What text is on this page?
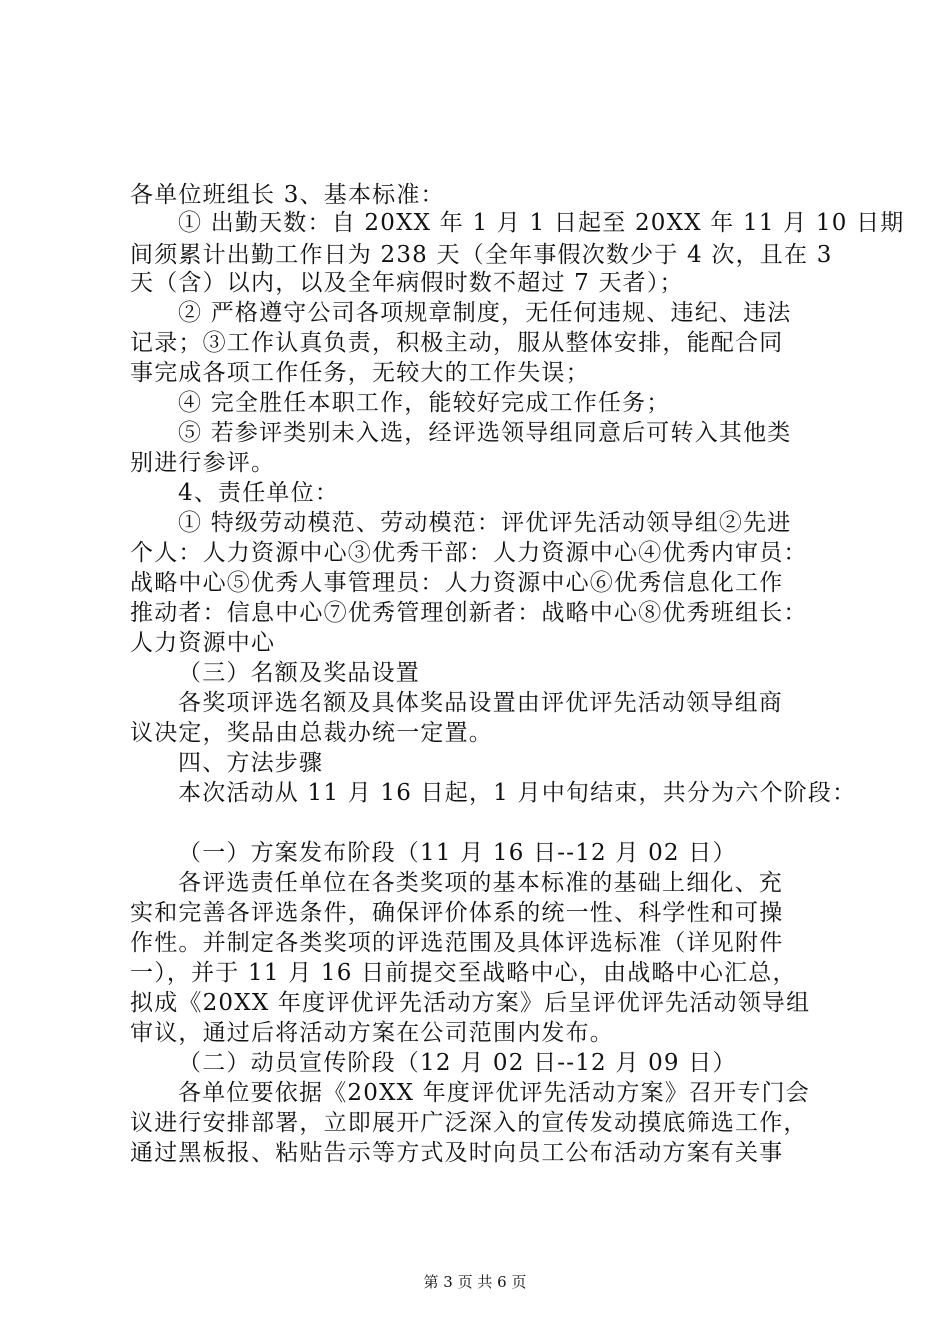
各单位班组长 3、基本标准：
① 出勤天数：自 20XX 年 1 月 1 日起至 20XX 年 11 月 10 日期
间须累计出勤工作日为 238 天（全年事假次数少于 4 次，且在 3
天（含）以内，以及全年病假时数不超过 7 天者）；
② 严格遵守公司各项规章制度，无任何违规、违纪、违法
记录；③工作认真负责，积极主动，服从整体安排，能配合同
事完成各项工作任务，无较大的工作失误；
④ 完全胜任本职工作，能较好完成工作任务；
⑤ 若参评类别未入选，经评选领导组同意后可转入其他类
别进行参评。
4、责任单位：
① 特级劳动模范、劳动模范：评优评先活动领导组②先进
个人：人力资源中心③优秀干部：人力资源中心④优秀内审员：
战略中心⑤优秀人事管理员：人力资源中心⑥优秀信息化工作
推动者：信息中心⑦优秀管理创新者：战略中心⑧优秀班组长：
人力资源中心
（三）名额及奖品设置
各奖项评选名额及具体奖品设置由评优评先活动领导组商
议决定，奖品由总裁办统一定置。
四、方法步骤
本次活动从 11 月 16 日起，1 月中旬结束，共分为六个阶段：
（一）方案发布阶段（11 月 16 日--12 月 02 日）
各评选责任单位在各类奖项的基本标准的基础上细化、充
实和完善各评选条件，确保评价体系的统一性、科学性和可操
作性。并制定各类奖项的评选范围及具体评选标准（详见附件
一），并于 11 月 16 日前提交至战略中心，由战略中心汇总，
拟成《20XX 年度评优评先活动方案》后呈评优评先活动领导组
审议，通过后将活动方案在公司范围内发布。
（二）动员宣传阶段（12 月 02 日--12 月 09 日）
各单位要依据《20XX 年度评优评先活动方案》召开专门会
议进行安排部署，立即展开广泛深入的宣传发动摸底筛选工作，
通过黑板报、粘贴告示等方式及时向员工公布活动方案有关事
第 3 页 共 6 页
